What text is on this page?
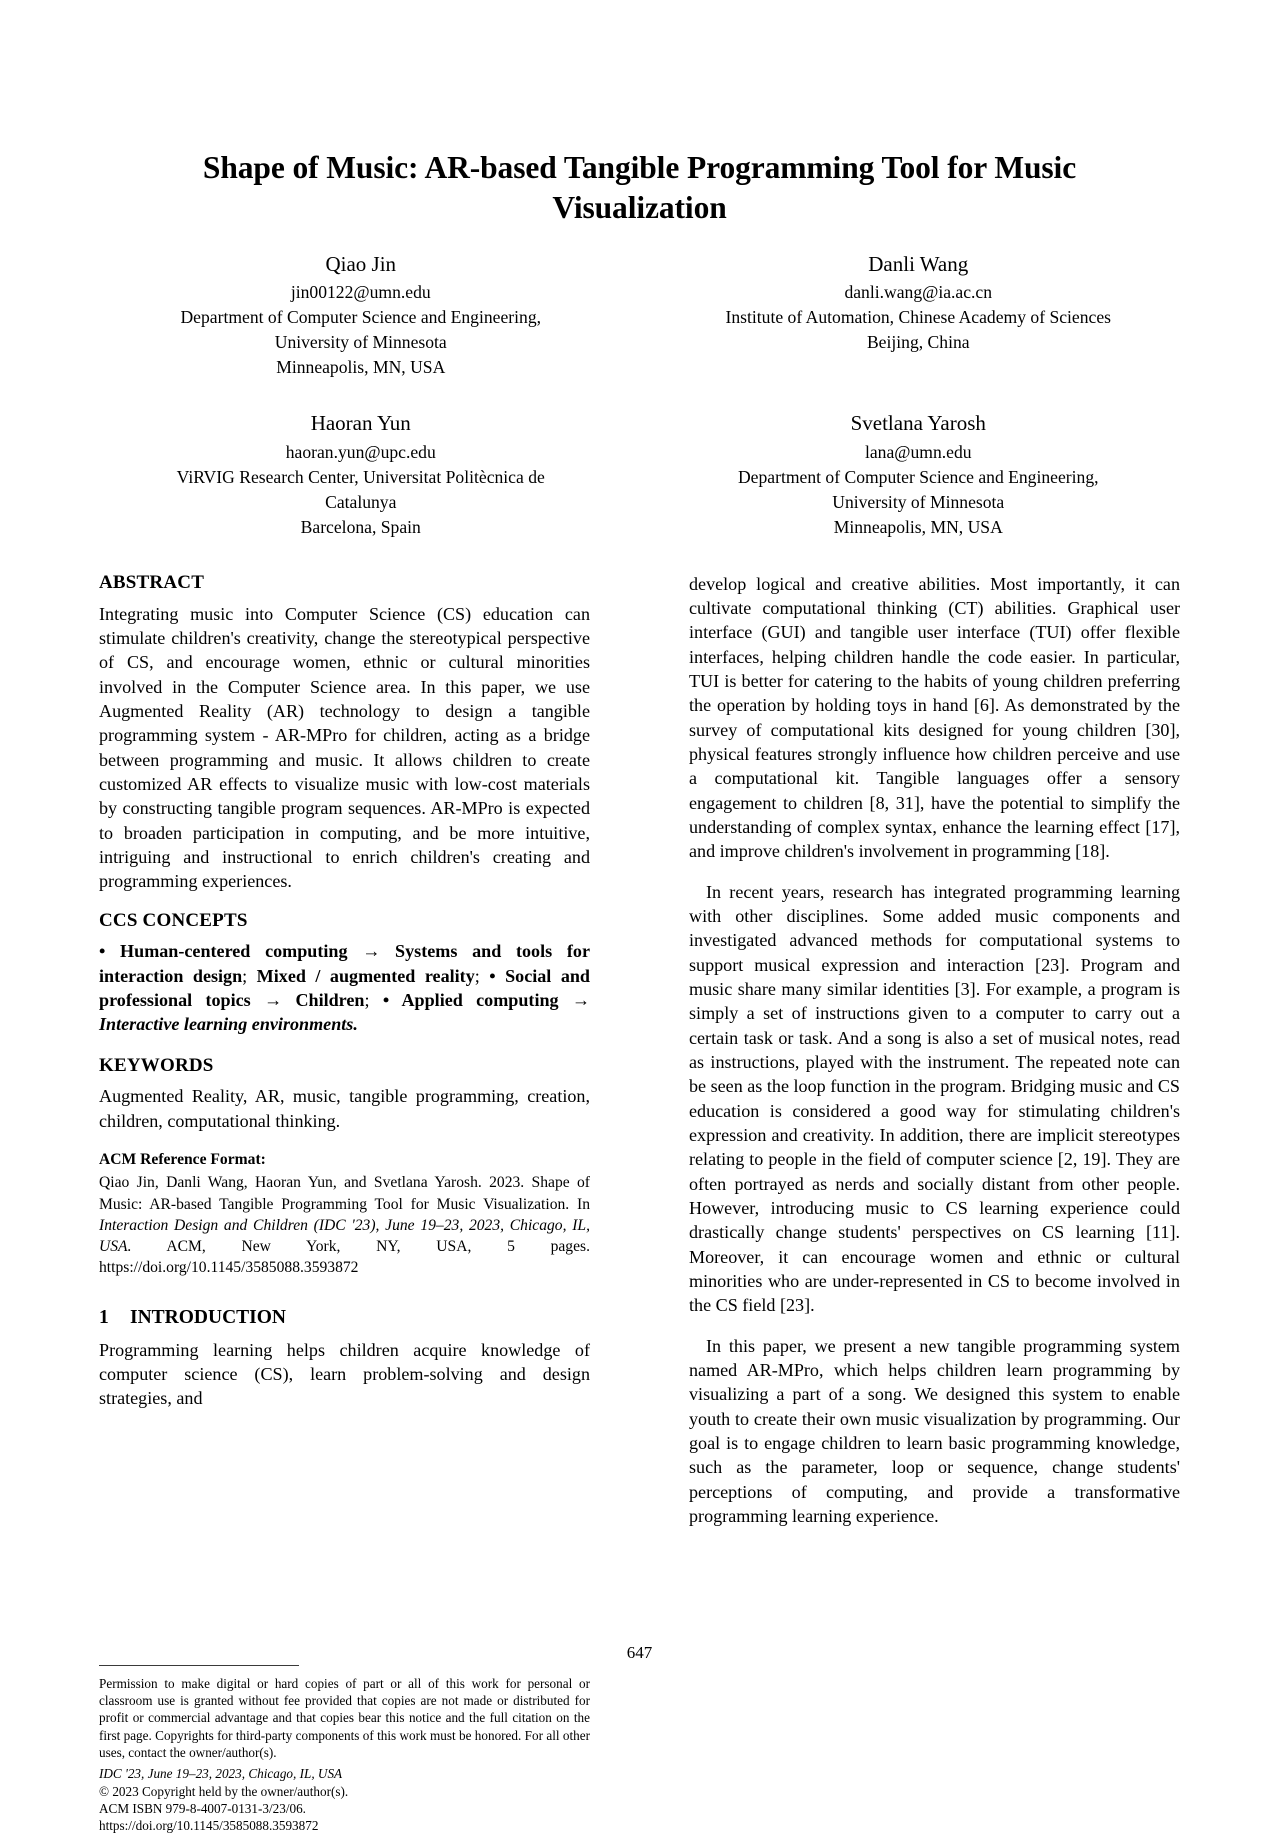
Shape of Music: AR-based Tangible Programming Tool for Music Visualization
Qiao Jin
jin00122@umn.edu
Department of Computer Science and Engineering,
University of Minnesota
Minneapolis, MN, USA
Danli Wang
danli.wang@ia.ac.cn
Institute of Automation, Chinese Academy of Sciences
Beijing, China
Haoran Yun
haoran.yun@upc.edu
ViRVIG Research Center, Universitat Politècnica de
Catalunya
Barcelona, Spain
Svetlana Yarosh
lana@umn.edu
Department of Computer Science and Engineering,
University of Minnesota
Minneapolis, MN, USA
ABSTRACT

Integrating music into Computer Science (CS) education can stimulate children's creativity, change the stereotypical perspective of CS, and encourage women, ethnic or cultural minorities involved in the Computer Science area. In this paper, we use Augmented Reality (AR) technology to design a tangible programming system - AR-MPro for children, acting as a bridge between programming and music. It allows children to create customized AR effects to visualize music with low-cost materials by constructing tangible program sequences. AR-MPro is expected to broaden participation in computing, and be more intuitive, intriguing and instructional to enrich children's creating and programming experiences.

CCS CONCEPTS

• Human-centered computing → Systems and tools for interaction design; Mixed / augmented reality; • Social and professional topics → Children; • Applied computing → Interactive learning environments.

KEYWORDS

Augmented Reality, AR, music, tangible programming, creation, children, computational thinking.

ACM Reference Format:

Qiao Jin, Danli Wang, Haoran Yun, and Svetlana Yarosh. 2023. Shape of Music: AR-based Tangible Programming Tool for Music Visualization. In Interaction Design and Children (IDC '23), June 19–23, 2023, Chicago, IL, USA. ACM, New York, NY, USA, 5 pages. https://doi.org/10.1145/3585088.3593872

1 INTRODUCTION

Programming learning helps children acquire knowledge of computer science (CS), learn problem-solving and design strategies, and

Permission to make digital or hard copies of part or all of this work for personal or classroom use is granted without fee provided that copies are not made or distributed for profit or commercial advantage and that copies bear this notice and the full citation on the first page. Copyrights for third-party components of this work must be honored. For all other uses, contact the owner/author(s).

IDC '23, June 19–23, 2023, Chicago, IL, USA

© 2023 Copyright held by the owner/author(s).

ACM ISBN 979-8-4007-0131-3/23/06.

https://doi.org/10.1145/3585088.3593872

develop logical and creative abilities. Most importantly, it can cultivate computational thinking (CT) abilities. Graphical user interface (GUI) and tangible user interface (TUI) offer flexible interfaces, helping children handle the code easier. In particular, TUI is better for catering to the habits of young children preferring the operation by holding toys in hand [6]. As demonstrated by the survey of computational kits designed for young children [30], physical features strongly influence how children perceive and use a computational kit. Tangible languages offer a sensory engagement to children [8, 31], have the potential to simplify the understanding of complex syntax, enhance the learning effect [17], and improve children's involvement in programming [18].

In recent years, research has integrated programming learning with other disciplines. Some added music components and investigated advanced methods for computational systems to support musical expression and interaction [23]. Program and music share many similar identities [3]. For example, a program is simply a set of instructions given to a computer to carry out a certain task or task. And a song is also a set of musical notes, read as instructions, played with the instrument. The repeated note can be seen as the loop function in the program. Bridging music and CS education is considered a good way for stimulating children's expression and creativity. In addition, there are implicit stereotypes relating to people in the field of computer science [2, 19]. They are often portrayed as nerds and socially distant from other people. However, introducing music to CS learning experience could drastically change students' perspectives on CS learning [11]. Moreover, it can encourage women and ethnic or cultural minorities who are under-represented in CS to become involved in the CS field [23].

In this paper, we present a new tangible programming system named AR-MPro, which helps children learn programming by visualizing a part of a song. We designed this system to enable youth to create their own music visualization by programming. Our goal is to engage children to learn basic programming knowledge, such as the parameter, loop or sequence, change students' perceptions of computing, and provide a transformative programming learning experience.

647
